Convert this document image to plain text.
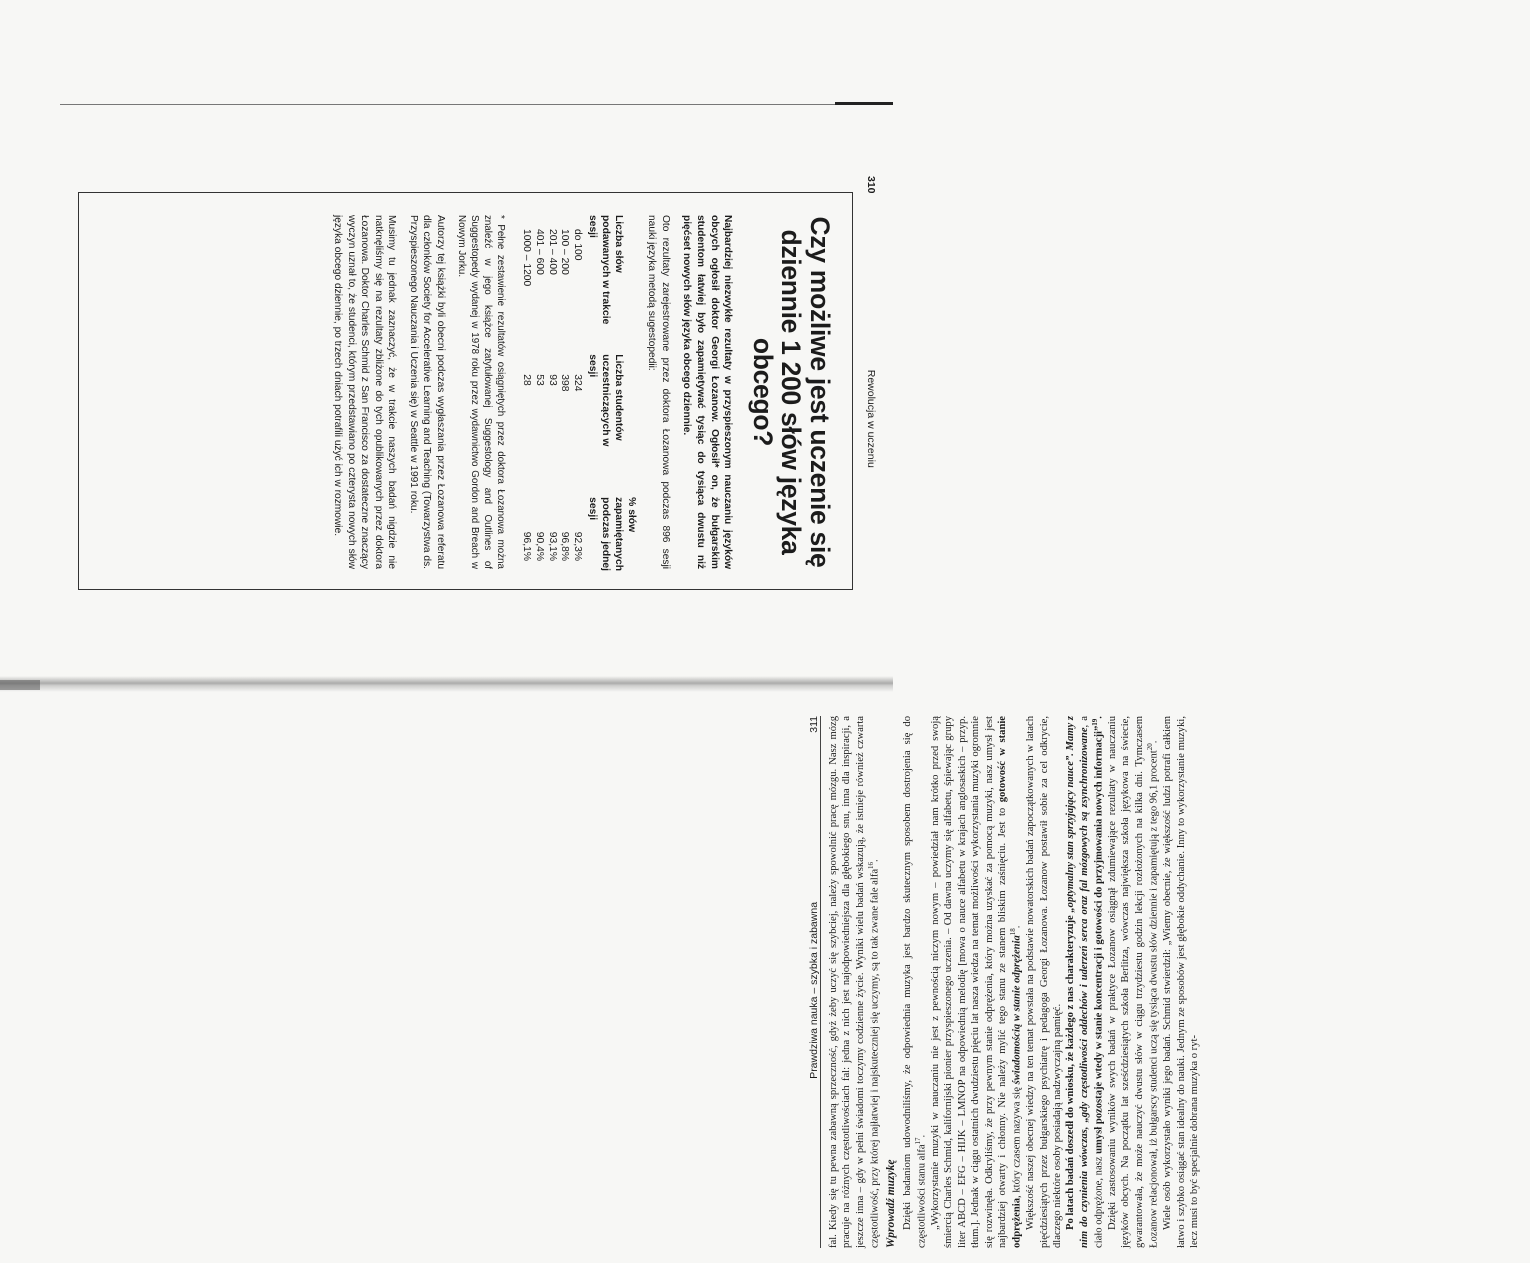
310
Rewolucja w uczeniu
Czy możliwe jest uczenie się dziennie 1 200 słów języka obcego?

Najbardziej niezwykłe rezultaty w przyspieszonym nauczaniu języków obcych ogłosił doktor Georgi Łozanow. Ogłosił* on, że bułgarskim studentom łatwiej było zapamiętywać tysiąc do tysiąca dwustu niż pięćset nowych słów języka obcego dziennie.

Oto rezultaty zarejestrowane przez doktora Łozanowa podczas 896 sesji nauki języka metodą sugestopedii:

Liczba słów podawanych w trakcie sesji	Liczba studentów uczestniczących w sesji	% słów zapamiętanych podczas jednej sesji
do 100	324	92,3%
100 – 200	398	96,8%
201 – 400	93	93,1%
401 – 600	53	90,4%
1000 – 1200	28	96,1%

* Pełne zestawienie rezultatów osiągniętych przez doktora Łozanowa można znaleźć w jego książce zatytułowanej Suggestology and Outlines of Suggestopedy wydanej w 1978 roku przez wydawnictwo Gordon and Breach w Nowym Jorku.

Autorzy tej książki byli obecni podczas wygłaszania przez Łozanowa referatu dla członków Society for Accelerative Learning and Teaching (Towarzystwa ds. Przyspieszonego Nauczania i Uczenia się) w Seattle w 1991 roku.

Musimy tu jednak zaznaczyć, że w trakcie naszych badań nigdzie nie natknęliśmy się na rezultaty zbliżone do tych opublikowanych przez doktora Łozanowa. Doktor Charles Schmid z San Francisco za dostateczne znaczący wyczyn uznał to, że studenci, którym przedstawiano po czterysta nowych słów języka obcego dziennie, po trzech dniach potrafili użyć ich w rozmowie.

Prawdziwa nauka – szybka i zabawna
311 fal. Kiedy się tu pewna zabawną sprzeczność, gdyż żeby uczyć się szybciej, należy spowolnić pracę mózgu. Nasz mózg pracuje na różnych częstotliwościach fal: jedna z nich jest najodpowiedniejsza dla głębokiego snu, inna dla inspiracji, a jeszcze inna – gdy w pełni świadomi toczymy codzienne życie. Wyniki wielu badań wskazują, że istnieje również czwarta częstotliwość, przy której najłatwiej i najskuteczniej się uczymy, są to tak zwane fale alfa$^{16}$.

Wprowadź muzykę Dzięki badaniom udowodniliśmy, że odpowiednia muzyka jest bardzo skutecznym sposobem dostrojenia się do częstotliwości stanu alfa$^{17}$. „Wykorzystanie muzyki w nauczaniu nie jest z pewnością niczym nowym – powiedział nam krótko przed swoją śmiercią Charles Schmid, kalifornijski pionier przyspieszonego uczenia. – Od dawna uczymy się alfabetu, śpiewając grupy liter ABCD – EFG – HIJK – LMNOP na odpowiednią melodię [mowa o nauce alfabetu w krajach anglosaskich – przyp. tłum.]. Jednak w ciągu ostatnich dwudziestu pięciu lat nasza wiedza na temat możliwości wykorzystania muzyki ogromnie się rozwinęła. Odkryliśmy, że przy pewnym stanie odprężenia, który można uzyskać za pomocą muzyki, nasz umysł jest najbardziej otwarty i chłonny. Nie należy mylić tego stanu ze stanem bliskim zaśnięciu. Jest to gotowość w stanie odprężenia, który czasem nazywa się świadomością w stanie odprężenia$^{18}$. Większość naszej obecnej wiedzy na ten temat powstała na podstawie nowatorskich badań zapoczątkowanych w latach pięćdziesiątych przez bułgarskiego psychiatrę i pedagoga Georgi Łozanowa. Łozanow postawił sobie za cel odkrycie, dlaczego niektóre osoby posiadają nadzwyczajną pamięć. Po latach badań doszedł do wniosku, że każdego z nas charakteryzuje „optymalny stan sprzyjający nauce”. Mamy z nim do czynienia wówczas, „gdy częstotliwości oddechów i uderzeń serca oraz fal mózgowych są zsynchronizowane, a ciało odprężone, nasz umysł pozostaje wtedy w stanie koncentracji i gotowości do przyjmowania nowych informacji”$^{19}$. Dzięki zastosowaniu wyników swych badań w praktyce Łozanow osiągnął zdumiewające rezultaty w nauczaniu języków obcych. Na początku lat sześćdziesiątych szkoła Berlitza, wówczas największa szkoła językowa na świecie, gwarantowała, że może nauczyć dwustu słów w ciągu trzydziestu godzin lekcji rozłożonych na kilka dni. Tymczasem Łozanow relacjonował, iż bułgarscy studenci uczą się tysiąca dwustu słów dziennie i zapamiętują z tego 96,1 procent$^{20}$. Wiele osób wykorzystało wyniki jego badań. Schmid stwierdził: „Wiemy obecnie, że większość ludzi potrafi całkiem łatwo i szybko osiągać stan idealny do nauki. Jednym ze sposobów jest głębokie oddychanie. Inny to wykorzystanie muzyki, lecz musi to być specjalnie dobrana muzyka o ryt-
